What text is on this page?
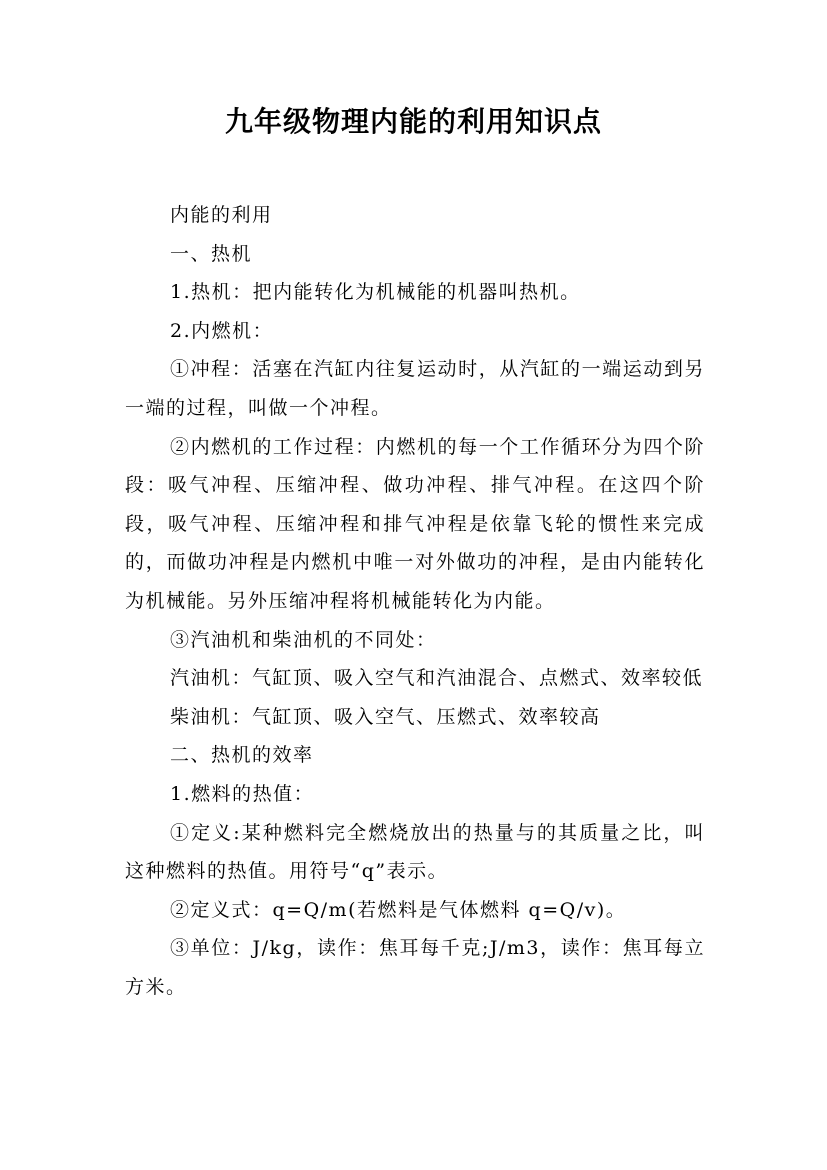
九年级物理内能的利用知识点

内能的利用

一、热机

1.热机：把内能转化为机械能的机器叫热机。

2.内燃机：

①冲程：活塞在汽缸内往复运动时，从汽缸的一端运动到另一端的过程，叫做一个冲程。

②内燃机的工作过程：内燃机的每一个工作循环分为四个阶段：吸气冲程、压缩冲程、做功冲程、排气冲程。在这四个阶段，吸气冲程、压缩冲程和排气冲程是依靠飞轮的惯性来完成的，而做功冲程是内燃机中唯一对外做功的冲程，是由内能转化为机械能。另外压缩冲程将机械能转化为内能。

③汽油机和柴油机的不同处：

汽油机：气缸顶、吸入空气和汽油混合、点燃式、效率较低

柴油机：气缸顶、吸入空气、压燃式、效率较高

二、热机的效率

1.燃料的热值：

①定义:某种燃料完全燃烧放出的热量与的其质量之比，叫这种燃料的热值。用符号“q”表示。

②定义式：q=Q/m(若燃料是气体燃料 q=Q/v)。

③单位：J/kg，读作：焦耳每千克;J/m3，读作：焦耳每立方米。
